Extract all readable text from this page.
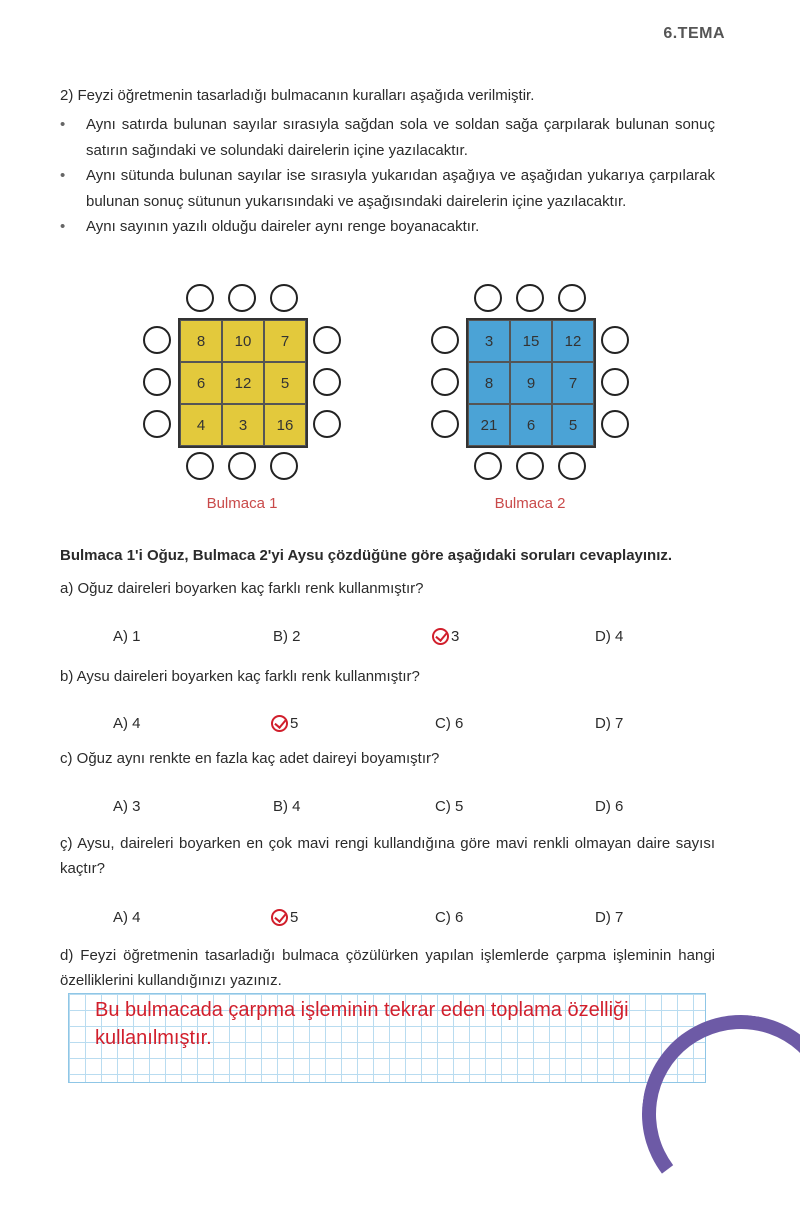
6.TEMA
2) Feyzi öğretmenin tasarladığı bulmacanın kuralları aşağıda verilmiştir.
• Aynı satırda bulunan sayılar sırasıyla sağdan sola ve soldan sağa çarpılarak bulunan sonuç satırın sağındaki ve solundaki dairelerin içine yazılacaktır.
• Aynı sütunda bulunan sayılar ise sırasıyla yukarıdan aşağıya ve aşağıdan yukarıya çarpılarak bulunan sonuç sütunun yukarısındaki ve aşağısındaki dairelerin içine yazılacaktır.
• Aynı sayının yazılı olduğu daireler aynı renge boyanacaktır.
8	10	7
6	12	5
4	3	16
Bulmaca 1
3	15	12
8	9	7
21	6	5
Bulmaca 2
Bulmaca 1'i Oğuz, Bulmaca 2'yi Aysu çözdüğüne göre aşağıdaki soruları cevaplayınız.
a) Oğuz daireleri boyarken kaç farklı renk kullanmıştır?
A) 1	B) 2	3	D) 4
b) Aysu daireleri boyarken kaç farklı renk kullanmıştır?
A) 4	5	C) 6	D) 7
c) Oğuz aynı renkte en fazla kaç adet daireyi boyamıştır?
A) 3	B) 4	C) 5	D) 6
ç) Aysu, daireleri boyarken en çok mavi rengi kullandığına göre mavi renkli olmayan daire sayısı kaçtır?
A) 4	5	C) 6	D) 7
d) Feyzi öğretmenin tasarladığı bulmaca çözülürken yapılan işlemlerde çarpma işleminin hangi özelliklerini kullandığınızı yazınız.
Bu bulmacada çarpma işleminin tekrar eden toplama özelliği kullanılmıştır.
